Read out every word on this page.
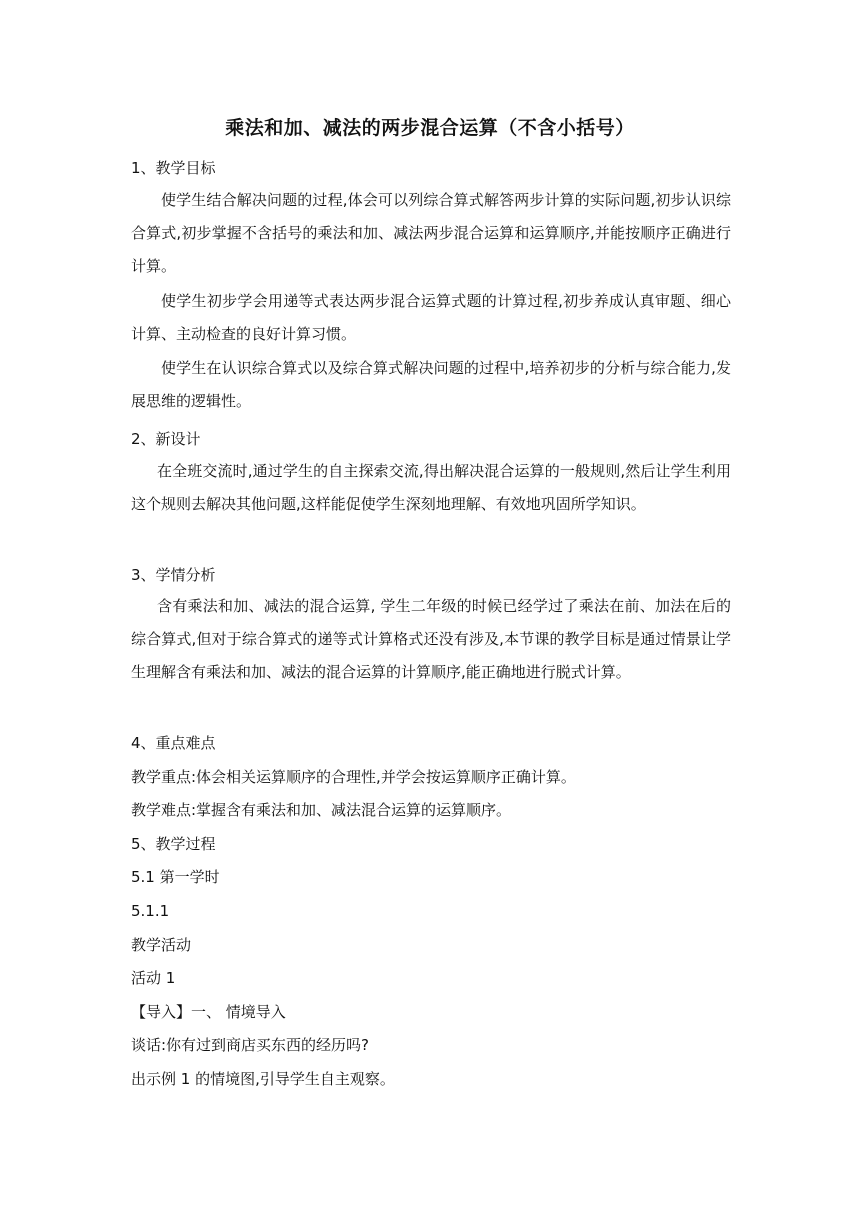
乘法和加、减法的两步混合运算（不含小括号）
1、教学目标
使学生结合解决问题的过程,体会可以列综合算式解答两步计算的实际问题,初步认识综合算式,初步掌握不含括号的乘法和加、减法两步混合运算和运算顺序,并能按顺序正确进行计算。
使学生初步学会用递等式表达两步混合运算式题的计算过程,初步养成认真审题、细心计算、主动检查的良好计算习惯。
使学生在认识综合算式以及综合算式解决问题的过程中,培养初步的分析与综合能力,发展思维的逻辑性。
2、新设计
在全班交流时,通过学生的自主探索交流,得出解决混合运算的一般规则,然后让学生利用这个规则去解决其他问题,这样能促使学生深刻地理解、有效地巩固所学知识。
3、学情分析
含有乘法和加、减法的混合运算, 学生二年级的时候已经学过了乘法在前、加法在后的综合算式,但对于综合算式的递等式计算格式还没有涉及,本节课的教学目标是通过情景让学生理解含有乘法和加、减法的混合运算的计算顺序,能正确地进行脱式计算。
4、重点难点
教学重点:体会相关运算顺序的合理性,并学会按运算顺序正确计算。
教学难点:掌握含有乘法和加、减法混合运算的运算顺序。
5、教学过程
5.1 第一学时
5.1.1
教学活动
活动 1
【导入】一、 情境导入
谈话:你有过到商店买东西的经历吗?
出示例 1 的情境图,引导学生自主观察。
